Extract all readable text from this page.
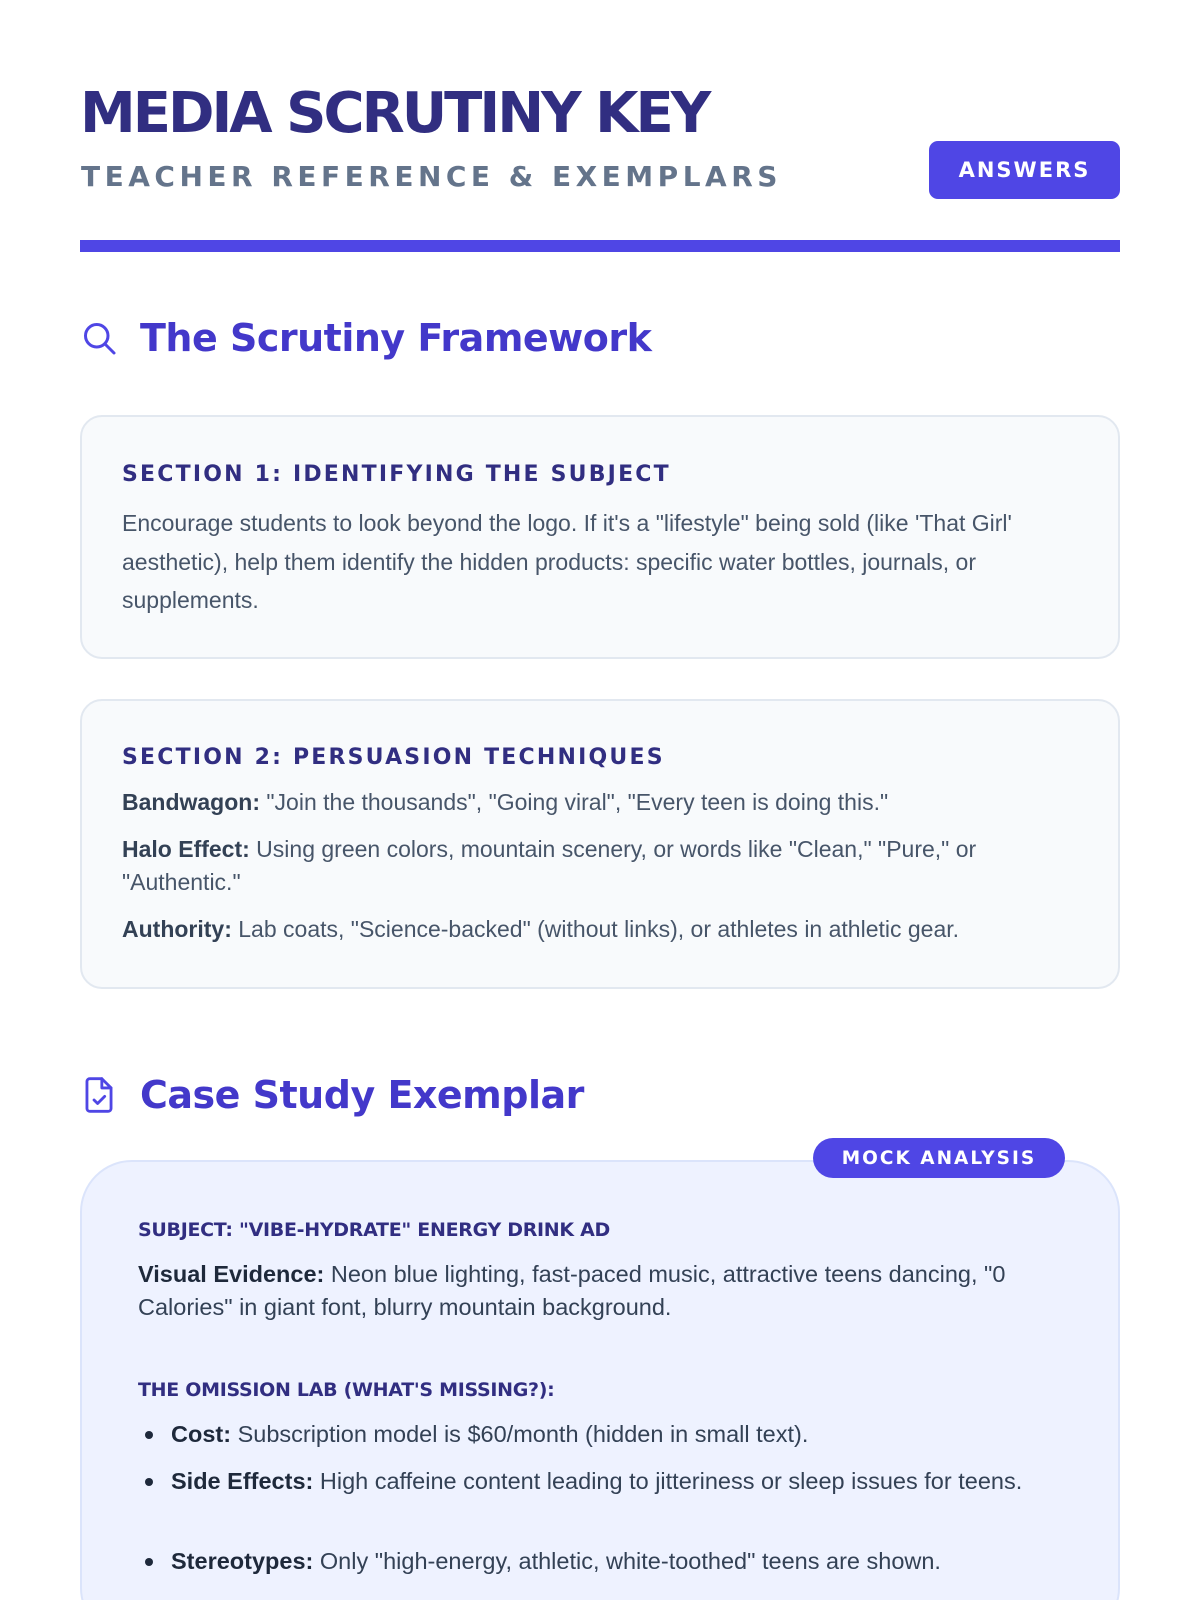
MEDIA SCRUTINY KEY
TEACHER REFERENCE & EXEMPLARS	ANSWERS
The Scrutiny Framework
SECTION 1: IDENTIFYING THE SUBJECT
Encourage students to look beyond the logo. If it's a "lifestyle" being sold (like 'That Girl' aesthetic), help them identify the hidden products: specific water bottles, journals, or supplements.
SECTION 2: PERSUASION TECHNIQUES
Bandwagon: "Join the thousands", "Going viral", "Every teen is doing this."
Halo Effect: Using green colors, mountain scenery, or words like "Clean," "Pure," or "Authentic."
Authority: Lab coats, "Science-backed" (without links), or athletes in athletic gear.
Case Study Exemplar
MOCK ANALYSIS
SUBJECT: "VIBE-HYDRATE" ENERGY DRINK AD
Visual Evidence: Neon blue lighting, fast-paced music, attractive teens dancing, "0 Calories" in giant font, blurry mountain background.
THE OMISSION LAB (WHAT'S MISSING?):
Cost: Subscription model is $60/month (hidden in small text).
Side Effects: High caffeine content leading to jitteriness or sleep issues for teens.
Stereotypes: Only "high-energy, athletic, white-toothed" teens are shown.
